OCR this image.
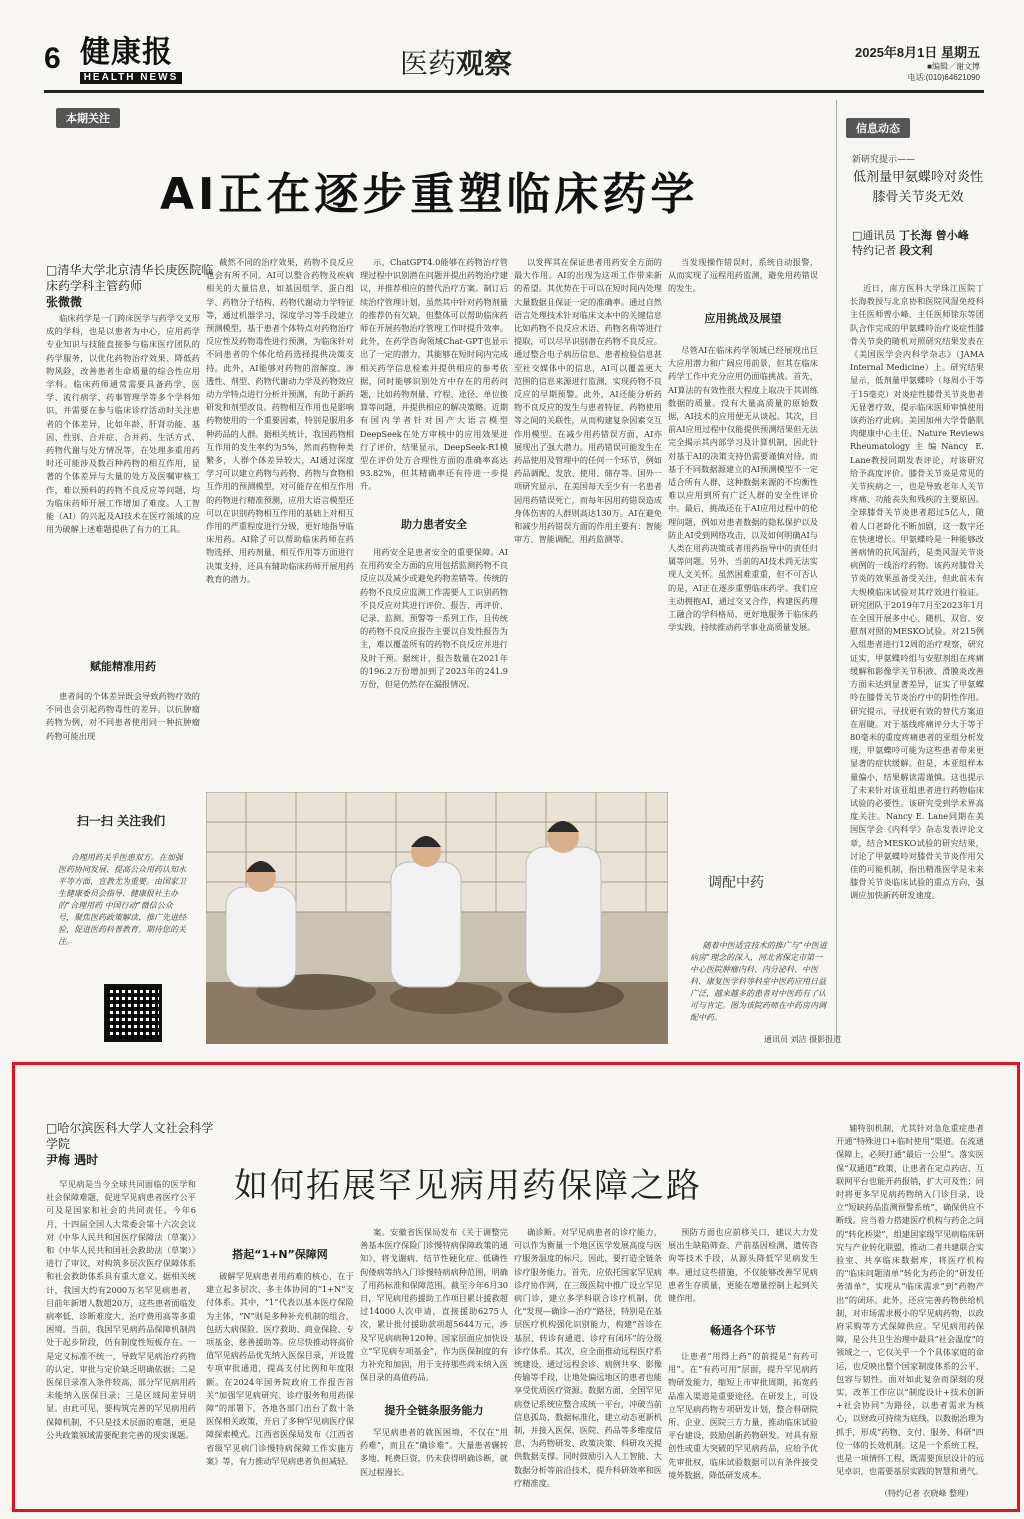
6 健康报
HEALTH NEWS	医药观察	2025年8月1日 星期五
■编辑／谢文博
电话:(010)64621090
本期关注
AI正在逐步重塑临床药学
□清华大学北京清华长庚医院临床药学科主管药师
张微微
临床药学是一门跨床医学与药学交叉形成的学科，也是以患者为中心，应用药学专业知识与技能直接参与临床医疗团队的药学服务，以优化药物治疗效果、降低药物风险，改善患者生命质量的综合性应用学科。临床药师通常需要具备药学、医学、流行病学、药事管理学等多个学科知识，并需要在参与临床诊疗活动时关注患者的个体差异，比如年龄、肝肾功能、基因、性别、合并症、合并药、生活方式、药物代谢与处方情况等，在处理多重用药时还可能涉及数百种药物的相互作用，显著的个体差异与大量的处方及医嘱审核工作，难以预料的药物不良反应等问题，均为临床药师开展工作增加了难度。人工智能（AI）的兴起及AI技术在医疗领域的应用为破解上述难题提供了有力的工具。
赋能精准用药
患者间的个体差异既会导致药物疗效的不同也会引起药物毒性的差异。以抗肿瘤药物为例，对不同患者使用同一种抗肿瘤药物可能出现
截然不同的治疗效果，药物不良反应也会有所不同。AI可以整合药物及疾病相关的大量信息，如基因组学、蛋白组学、药物分子结构、药物代谢动力学特征等，通过机器学习、深度学习等手段建立预测模型，基于患者个体特点对药物治疗反应性及药物毒性进行预测，为临床针对不同患者的个体化给药选择提供决策支持。此外，AI能够对药物的溶解度、渗透性、剂型、药物代谢动力学及药物效应动力学特点进行分析并预测，有助于新药研发和剂型改良。药物相互作用也是影响药物使用的一个重要因素，特别是服用多种药品的人群。据相关统计，我国药物相互作用的发生率约为5%，然而药物种类繁多，人群个体差异较大，AI通过深度学习可以建立药物与药物、药物与食物相互作用的预测模型，对可能存在相互作用的药物进行精准预测，应用大语言模型还可以在识别药物相互作用的基础上对相互作用的严重程度进行分级，更好地指导临床用药。AI除了可以帮助临床药师在药物选择、用药剂量、相互作用等方面进行决策支持，还具有辅助临床药师开展用药教育的潜力。
示，ChatGPT4.0能够在药物治疗管理过程中识别潜在问题并提出药物治疗建议，并推荐相应的替代治疗方案。制订后续治疗管理计划，虽然其中针对药物剂量的推荐仍有欠缺，但整体可以帮助临床药师在开展药物治疗管理工作时提升效率。此外，在药学咨询领域Chat-GPT也显示出了一定的潜力，其能够在短时间内完成相关药学信息检索并提供相应的参考依据，同时能够识别处方中存在的用药问题，比如药物剂量、疗程、途径、单位换算等问题，并提供相应的解决策略。近期有国内学者针对国产大语言模型DeepSeek在处方审核中的应用效果进行了评价，结果显示，DeepSeek-R1模型在评价处方合理性方面的准确率高达93.82%，但其精确率还有待进一步提升。
助力患者安全
用药安全是患者安全的重要保障。AI在用药安全方面的应用包括监测药物不良反应以及减少或避免药物差错等。传统的药物不良反应监测工作需要人工识别药物不良反应对其进行评价、报告、再评价、记录、监测、预警等一系列工作，且传统的药物不良反应报告主要以自发性报告为主，难以覆盖所有的药物不良反应并进行及时干预。据统计，报告数量在2021年的196.2万份增加到了2023年的241.9万份，但是仍然存在漏报情况。
以发挥其在保证患者用药安全方面的最大作用。AI的出现为这项工作带来新的希望。其优势在于可以在短时间内处理大量数据且保证一定的准确率。通过自然语言处理技术针对临床文本中的关键信息比如药物不良反应术语、药物名称等进行提取，可以尽早识别潜在药物不良反应。通过整合电子病历信息、患者检验信息甚至社交媒体中的信息，AI可以覆盖更大范围的信息来源进行监测，实现药物不良反应的早期预警。此外，AI还能分析药物不良反应的发生与患者特征、药物使用等之间的关联性，从而构建复杂因素交互作用模型。在减少用药错误方面，AI亦展现出了强大潜力。用药错误可能发生在药品使用及管理中的任何一个环节，例如药品调配、发放、使用、储存等。国外一项研究显示，在美国每天至少有一名患者因用药错误死亡，而每年因用药错误造成身体伤害的人群则高达130万。AI在避免和减少用药错误方面的作用主要有：智能审方、智能调配、用药监测等。
当发现操作错误时，系统自动报警，从而实现了远程用药监测，避免用药错误的发生。
应用挑战及展望
尽管AI在临床药学领域已经展现出巨大应用潜力和广阔应用前景，但其在临床药学工作中充分应用仍面临挑战。首先，AI算法的有效性很大程度上取决于其训练数据的质量。没有大量高质量的原始数据，AI技术的应用便无从谈起。其次，目前AI应用过程中仅能提供预测结果但无法完全揭示其内部学习及计算机制，因此针对基于AI的决策支持仍需要谨慎对待。而基于不同数据源建立的AI预测模型不一定适合所有人群，这种数据来源的不均衡性难以应用到所有广泛人群的安全性评价中。最后，挑战还在于AI应用过程中的伦理问题，例如对患者数据的隐私保护以及防止AI受到网络攻击，以及如何明确AI与人类在用药决策或者用药指导中的责任归属等问题。另外，当前的AI技术尚无法实现人文关怀。虽然困难重重，但不可否认的是，AI正在逐步重塑临床药学。我们应主动拥抱AI，通过交叉合作，构建医药理工融合的学科格局，更好地服务于临床药学实践，持续推动药学事业高质量发展。
信息动态
新研究提示——
低剂量甲氨蝶呤对炎性膝骨关节炎无效
□通讯员 丁长海 曾小峰
特约记者 段文利
近日，南方医科大学珠江医院丁长海教授与北京协和医院风湿免疫科主任医师曾小峰、主任医师徐东等团队合作完成的甲氨蝶呤治疗炎症性膝骨关节炎的随机对照研究结果发表在《美国医学会内科学杂志》（JAMA Internal Medicine）上。研究结果显示，低剂量甲氨蝶呤（每周小于等于15毫克）对炎症性膝骨关节炎患者无显著疗效，提示临床医师审慎使用该药治疗此病。美国加州大学骨骼肌肉健康中心主任、Nature Reviews Rheumatology主编Nancy E. Lane教授同期发表评论，对该研究给予高度评价。膝骨关节炎是常见的关节疾病之一，也是导致老年人关节疼痛、功能丧失和残疾的主要原因。全球膝骨关节炎患者超过5亿人，随着人口老龄化不断加剧，这一数字还在快速增长。甲氨蝶呤是一种能够改善病情的抗风湿药，是类风湿关节炎病例的一线治疗药物。该药对膝骨关节炎的效果虽备受关注，但此前未有大规模临床试验对其疗效进行验证。研究团队于2019年7月至2023年1月在全国开展多中心、随机、双盲、安慰剂对照的MESKO试验。对215例入组患者进行12周的治疗观察，研究证实，甲氨蝶呤组与安慰剂组在疼痛缓解和影像学关节积液、滑膜炎改善方面未达到显著差异，证实了甲氨蝶呤在膝骨关节炎治疗中的阴性作用。研究提示，寻找更有效的替代方案迫在眉睫。对于基线疼痛评分大于等于80毫米的重度疼痛患者的亚组分析发现，甲氨蝶呤可能为这些患者带来更显著的症状缓解。但是，本亚组样本量偏小，结果解读需谨慎。这也提示了未来针对该亚组患者进行药物临床试验的必要性。该研究受到学术界高度关注。Nancy E. Lane同期在美国医学会《内科学》杂志发表评论文章，结合MESKO试验的研究结果，讨论了甲氨蝶呤对膝骨关节炎作用欠佳的可能机制，指出精准医学是未来膝骨关节炎临床试验的重点方向，强调应加快新药研发速度。
扫一扫 关注我们
合理用药关乎医患双方。在加强医药协同发展、提高公众用药认知水平等方面，宣教尤为重要。由国家卫生健康委员会指导、健康报社主办的“合理用药 中国行动”微信公众号，聚焦医药政策解读、推广先进经验，促进医药科普教育。期待您的关注。
调配中药
随着中医适宜技术的推广与“中医进病房”理念的深入，河北省保定市第一中心医院肿瘤内科、内分泌科、中医科、康复医学科等科室中医药应用日益广泛，越来越多的患者对中医药有了认可与肯定。图为该院药师在中药房内调配中药。
通讯员 刘洁 摄影报道
□哈尔滨医科大学人文社会科学学院
尹梅 遇时
如何拓展罕见病用药保障之路
罕见病是当今全球共同面临的医学和社会保障难题，促进罕见病患者医疗公平可及是国家和社会的共同责任。今年6月，十四届全国人大常委会第十六次会议对《中华人民共和国医疗保障法（草案）》和《中华人民共和国社会救助法（草案）》进行了审议，对构筑多层次医疗保障体系和社会救助体系具有重大意义。据相关统计，我国大约有2000万名罕见病患者，目前年新增人数超20万，这些患者面临发病率低、诊断难度大、治疗费用高等多重困境。当前，我国罕见病药品保障机制尚处于起步阶段，仍有制度性短板存在。一是定义标准不统一，导致罕见病治疗药物的认定、审批与定价缺乏明确依据；二是医保目录准入条件较高，部分罕见病用药未能纳入医保目录；三是区域间差异明显。由此可见，要构筑完善的罕见病用药保障机制，不只是技术层面的难题，更是公共政策领域需要配套完善的现实课题。
搭起“1+N”保障网
破解罕见病患者用药难的核心，在于建立起多层次、多主体协同的“1+N”支付体系。其中，“1”代表以基本医疗保险为主体，“N”则是多种补充机制的组合，包括大病保险、医疗救助、商业保险、专项基金、慈善援助等。应尽快推动将高价值罕见病药品优先纳入医保目录，并设置专项审批通道，提高支付比例和年度限额。在2024年国务院政府工作报告首关“加强罕见病研究、诊疗服务和用药保障”的部署下，各地各部门出台了数十条医保相关政策，开启了多种罕见病医疗保障探索模式。江西省医保局发布《江西省省级罕见病门诊慢特病保障工作实施方案》等，有力推动罕见病患者负担减轻。
案。安徽省医保局发布《关于调整完善基本医疗保险门诊慢特病保障政策的通知》，将戈谢病、结节性硬化症、低磷性佝偻病等纳入门诊慢特病病种范围，明确了用药标准和保障范围。截至今年6月30日，罕见病用药援助工作项目累计援救超过14000人次申请，直接援助6275人次，累计批付援助款项超5644万元，涉及罕见病病种120种。国家层面应加快设立“罕见病专项基金”，作为医保制度的有力补充和加固，用于支持那些尚未纳入医保目录的高值药品。
提升全链条服务能力
罕见病患者的就医困境，不仅在“用药难”，而且在“确诊难”。大量患者辗转多地、耗费巨资，仍未获得明确诊断，就医过程漫长。
确诊断。对罕见病患者的诊疗能力，可以作为衡量一个地区医学发展高度与医疗服务温度的标尺。因此，要打造全链条诊疗服务能力。首先，应依托国家罕见病诊疗协作网，在三级医院中推广设立罕见病门诊，建立多学科联合诊疗机制，优化“发现—确诊—治疗”路径，特别是在基层医疗机构强化识别能力，构建“首诊在基层、转诊有通道、诊疗有闭环”的分级诊疗体系。其次，应全面推动远程医疗系统建设，通过远程会诊、病例共享、影像传输等手段，让地处偏远地区的患者也能享受优质医疗资源。数据方面，全国罕见病登记系统应整合成统一平台，冲破当前信息孤岛，数据标准化，建立动态更新机制，并接入医保、医院、药品等多维度信息，为药物研发、政策决策、科研攻关提供数据支撑。同时鼓励引入人工智能、大数据分析等前沿技术，提升科研效率和医疗精准度。
预防方面也应前移关口，建议大力发展出生缺陷筛查、产前基因检测、遗传咨询等技术手段，从源头降低罕见病发生率。通过这些措施，不仅能够改善罕见病患者生存质量，更能在增量控制上起到关键作用。
畅通各个环节
让患者“用得上药”的前提是“有药可用”。在“有药可用”层面，提升罕见病药物研发能力，缩短上市审批周期，拓宽药品准入渠道是重要途径。在研发上，可设立罕见病药物专项研发计划，整合科研院所、企业、医院三方力量，推动临床试验平台建设，鼓励创新药物研发。对具有原创性或重大突破的罕见病药品，应给予优先审批权，临床试验数据可以有条件接受境外数据，降低研发成本。
辅特别机制，尤其针对急危重症患者开通“特殊进口+临时使用”渠道。在流通保障上，必须打通“最后一公里”。落实医保“双通道”政策，让患者在定点药店、互联网平台也能开药报销，扩大可及性；同时将更多罕见病药物纳入门诊目录，设立“短缺药品监测预警系统”，确保供应不断线。应当着力搭建医疗机构与药企之间的“转化桥梁”，组建国家级罕见病临床研究与产业转化联盟，推动二者共建联合实验室、共享临床数据库，将医疗机构的“临床问题清单”转化为药企的“研发任务清单”，实现从“临床需求”到“药物产出”的闭环。此外，还应完善药物供给机制，对市场需求极小的罕见病药物，以政府采购等方式保障供应。罕见病用药保障，是公共卫生治理中最具“社会温度”的领域之一，它仅关乎一个个具体家庭的命运，也反映出整个国家制度体系的公平、包容与韧性。面对如此复杂而深刻的现实，改革工作应以“制度设计+技术创新+社会协同”为路径，以患者需求为核心，以财政可持续为底线，以数据治理为抓手，形成“药物、支付、服务、科研”四位一体的长效机制。这是一个系统工程，也是一项情怀工程，既需要顶层设计的远见卓识，也需要基层实践的智慧和勇气。
（特约记者 衣晓峰 整理）
